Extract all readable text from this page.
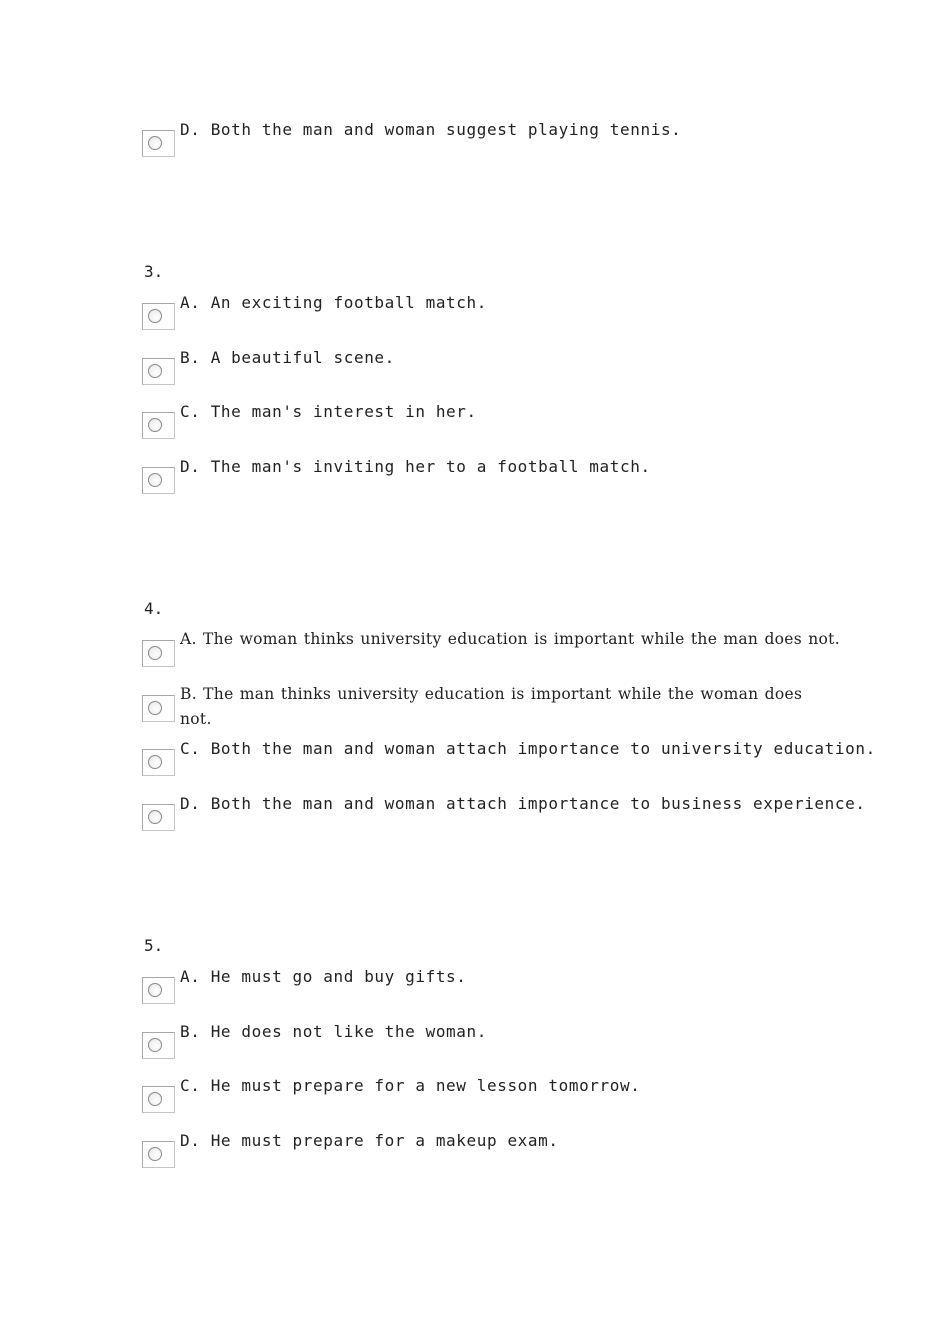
D. Both the man and woman suggest playing tennis.
3.
A. An exciting football match.
B. A beautiful scene.
C. The man's interest in her.
D. The man's inviting her to a football match.
4.
A. The woman thinks university education is important while the man does not.
B. The man thinks university education is important while the woman does not.
C. Both the man and woman attach importance to university education.
D. Both the man and woman attach importance to business experience.
5.
A. He must go and buy gifts.
B. He does not like the woman.
C. He must prepare for a new lesson tomorrow.
D. He must prepare for a makeup exam.
